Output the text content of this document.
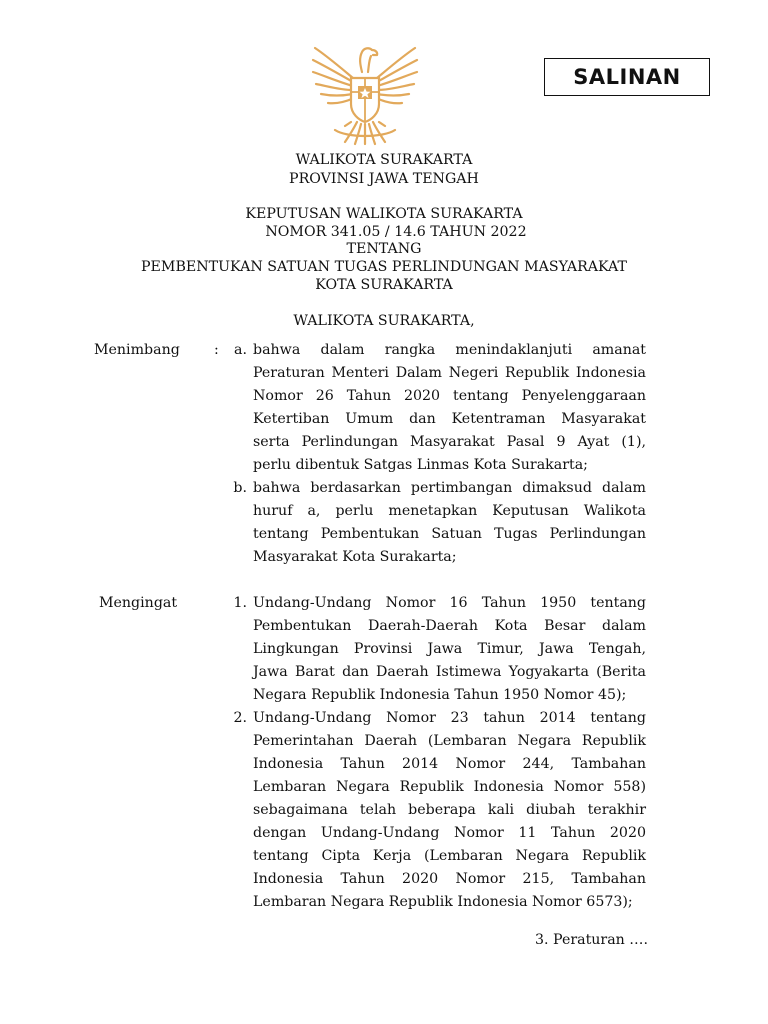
SALINAN
WALIKOTA SURAKARTA
PROVINSI JAWA TENGAH
KEPUTUSAN WALIKOTA SURAKARTA
NOMOR 341.05 / 14.6 TAHUN 2022
TENTANG
PEMBENTUKAN SATUAN TUGAS PERLINDUNGAN MASYARAKAT
KOTA SURAKARTA
WALIKOTA SURAKARTA,
Menimbang :	a. bahwa dalam rangka menindaklanjuti amanat
Peraturan Menteri Dalam Negeri Republik Indonesia
Nomor 26 Tahun 2020 tentang Penyelenggaraan
Ketertiban Umum dan Ketentraman Masyarakat
serta Perlindungan Masyarakat Pasal 9 Ayat (1),
perlu dibentuk Satgas Linmas Kota Surakarta;
b. bahwa berdasarkan pertimbangan dimaksud dalam
huruf a, perlu menetapkan Keputusan Walikota
tentang Pembentukan Satuan Tugas Perlindungan
Masyarakat Kota Surakarta;
Mengingat	1. Undang-Undang Nomor 16 Tahun 1950 tentang
Pembentukan Daerah-Daerah Kota Besar dalam
Lingkungan Provinsi Jawa Timur, Jawa Tengah,
Jawa Barat dan Daerah Istimewa Yogyakarta (Berita
Negara Republik Indonesia Tahun 1950 Nomor 45);
2. Undang-Undang Nomor 23 tahun 2014 tentang
Pemerintahan Daerah (Lembaran Negara Republik
Indonesia Tahun 2014 Nomor 244, Tambahan
Lembaran Negara Republik Indonesia Nomor 558)
sebagaimana telah beberapa kali diubah terakhir
dengan Undang-Undang Nomor 11 Tahun 2020
tentang Cipta Kerja (Lembaran Negara Republik
Indonesia Tahun 2020 Nomor 215, Tambahan
Lembaran Negara Republik Indonesia Nomor 6573);
3. Peraturan ….
